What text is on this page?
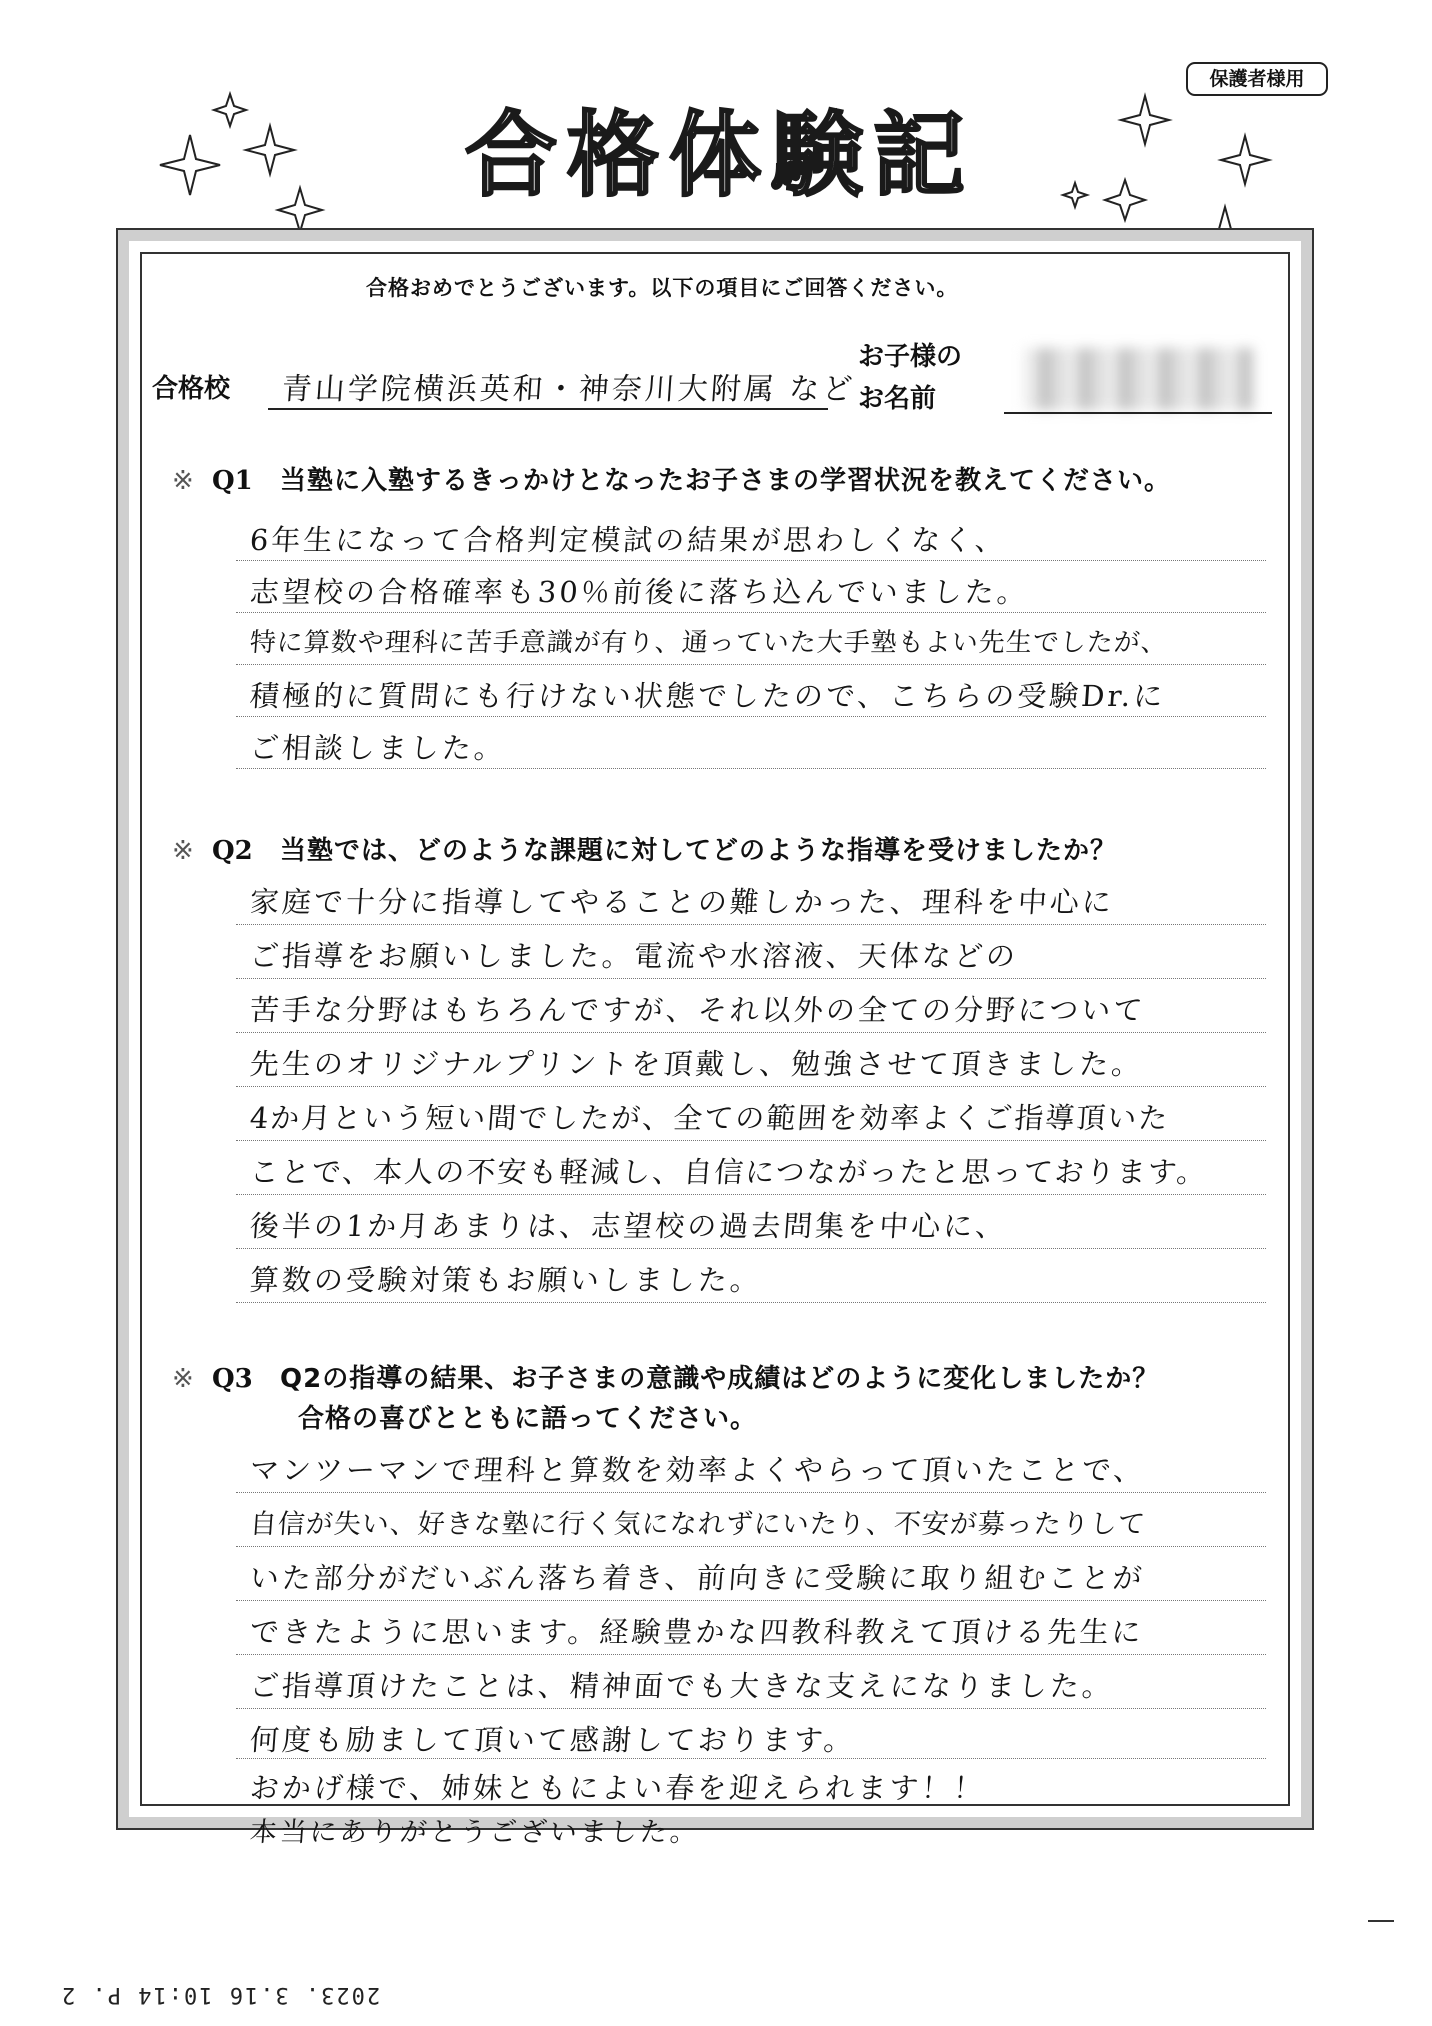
保護者様用
合格体験記
合格おめでとうございます。以下の項目にご回答ください。
合格校 青山学院横浜英和・神奈川大附属 など
お子様の
お名前
※ Q1	当塾に入塾するきっかけとなったお子さまの学習状況を教えてください。
6年生になって合格判定模試の結果が思わしくなく、
志望校の合格確率も30％前後に落ち込んでいました。
特に算数や理科に苦手意識が有り、通っていた大手塾もよい先生でしたが、
積極的に質問にも行けない状態でしたので、こちらの受験Dr.に
ご相談しました。
※ Q2	当塾では、どのような課題に対してどのような指導を受けましたか？
家庭で十分に指導してやることの難しかった、理科を中心に
ご指導をお願いしました。電流や水溶液、天体などの
苦手な分野はもちろんですが、それ以外の全ての分野について
先生のオリジナルプリントを頂戴し、勉強させて頂きました。
4か月という短い間でしたが、全ての範囲を効率よくご指導頂いた
ことで、本人の不安も軽減し、自信につながったと思っております。
後半の1か月あまりは、志望校の過去問集を中心に、
算数の受験対策もお願いしました。
※ Q3	Q2の指導の結果、お子さまの意識や成績はどのように変化しましたか？
合格の喜びとともに語ってください。
マンツーマンで理科と算数を効率よくやらって頂いたことで、
自信が失い、好きな塾に行く気になれずにいたり、不安が募ったりして
いた部分がだいぶん落ち着き、前向きに受験に取り組むことが
できたように思います。経験豊かな四教科教えて頂ける先生に
ご指導頂けたことは、精神面でも大きな支えになりました。
何度も励まして頂いて感謝しております。
おかげ様で、姉妹ともによい春を迎えられます！！
本当にありがとうございました。
2023. 3.16 10:14 P. 2
